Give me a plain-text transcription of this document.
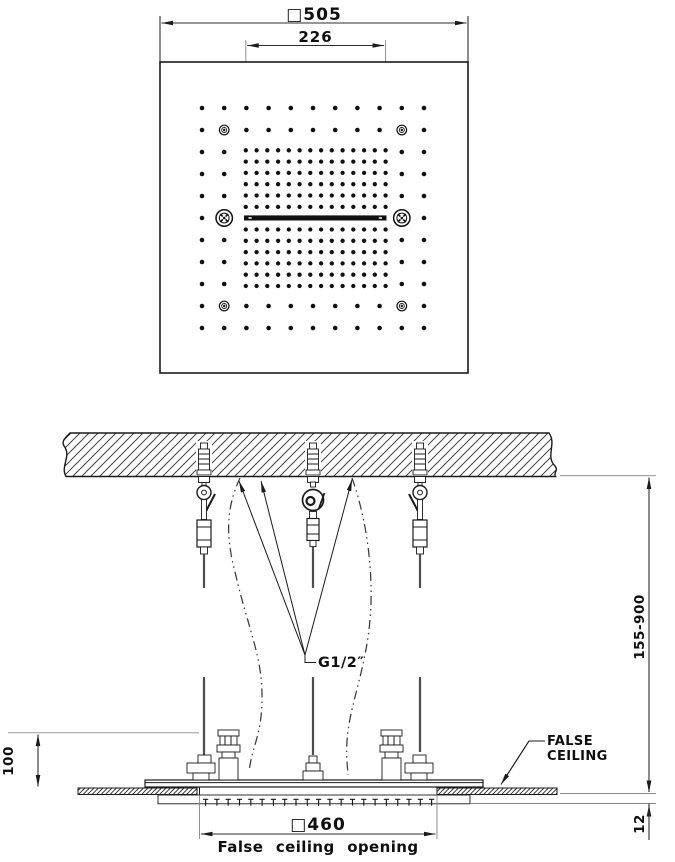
□505
226
G1/2″
FALSE
CEILING
155-900
12
100
□460
False ceiling opening
